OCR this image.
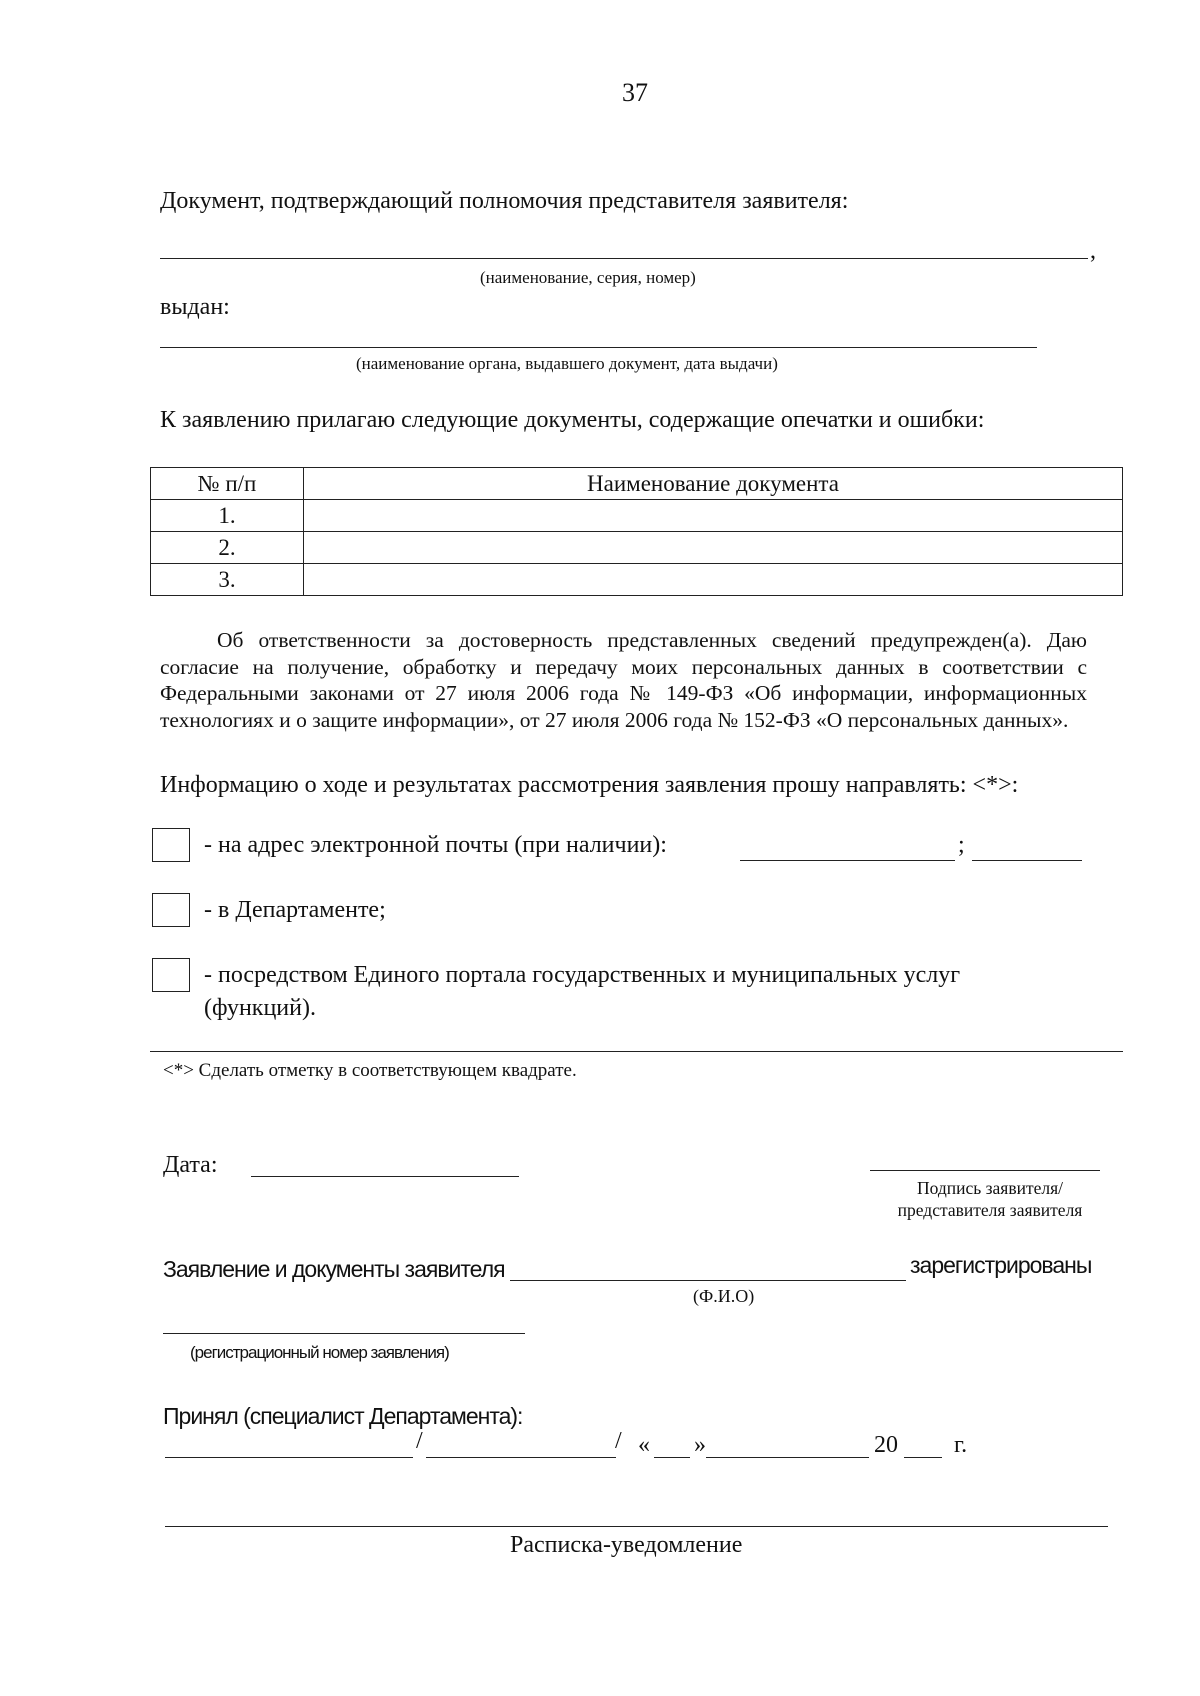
37
Документ, подтверждающий полномочия представителя заявителя:
,
(наименование, серия, номер)
выдан:
(наименование органа, выдавшего документ, дата выдачи)
К заявлению прилагаю следующие документы, содержащие опечатки и ошибки:
№ п/п	Наименование документа
1.	
2.	
3.	
Об ответственности за достоверность представленных сведений предупрежден(а). Даю согласие на получение, обработку и передачу моих персональных данных в соответствии с Федеральными законами от 27 июля 2006 года № 149-ФЗ «Об информации, информационных технологиях и о защите информации», от 27 июля 2006 года № 152-ФЗ «О персональных данных».
Информацию о ходе и результатах рассмотрения заявления прошу направлять: <*>:
- на адрес электронной почты (при наличии):	;
- в Департаменте;
- посредством Единого портала государственных и муниципальных услуг
(функций).
<*> Сделать отметку в соответствующем квадрате.
Дата:
Подпись заявителя/
представителя заявителя
Заявление и документы заявителя	зарегистрированы
(Ф.И.О)
(регистрационный номер заявления)
Принял (специалист Департамента):
/	/ « »	20 г.
Расписка-уведомление
